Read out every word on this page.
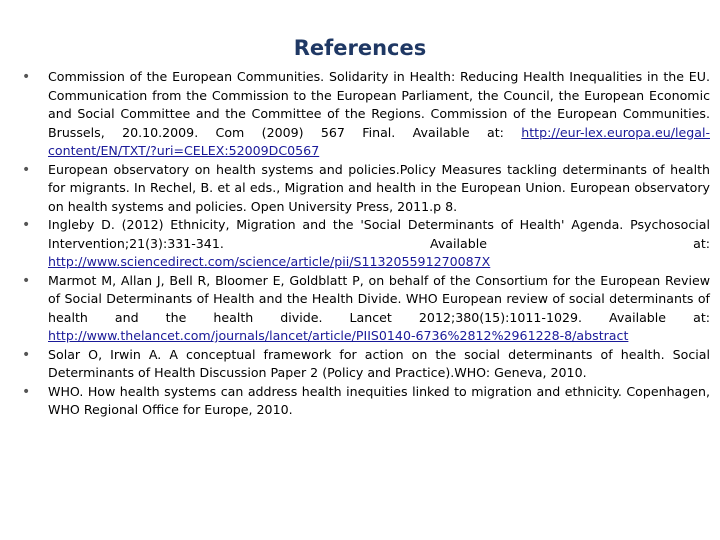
References
• Commission of the European Communities. Solidarity in Health: Reducing Health Inequalities in the EU. Communication from the Commission to the European Parliament, the Council, the European Economic and Social Committee and the Committee of the Regions. Commission of the European Communities. Brussels, 20.10.2009. Com (2009) 567 Final. Available at: http://eur-lex.europa.eu/legal-content/EN/TXT/?uri=CELEX:52009DC0567
• European observatory on health systems and policies.Policy Measures tackling determinants of health for migrants. In Rechel, B. et al eds., Migration and health in the European Union. European observatory on health systems and policies. Open University Press, 2011.p 8.
• Ingleby D. (2012) Ethnicity, Migration and the 'Social Determinants of Health' Agenda. Psychosocial Intervention;21(3):331-341. Available at: http://www.sciencedirect.com/science/article/pii/S113205591270087X
• Marmot M, Allan J, Bell R, Bloomer E, Goldblatt P, on behalf of the Consortium for the European Review of Social Determinants of Health and the Health Divide. WHO European review of social determinants of health and the health divide. Lancet 2012;380(15):1011-1029. Available at: http://www.thelancet.com/journals/lancet/article/PIIS0140-6736%2812%2961228-8/abstract
• Solar O, Irwin A. A conceptual framework for action on the social determinants of health. Social Determinants of Health Discussion Paper 2 (Policy and Practice).WHO: Geneva, 2010.
• WHO. How health systems can address health inequities linked to migration and ethnicity. Copenhagen, WHO Regional Office for Europe, 2010.
